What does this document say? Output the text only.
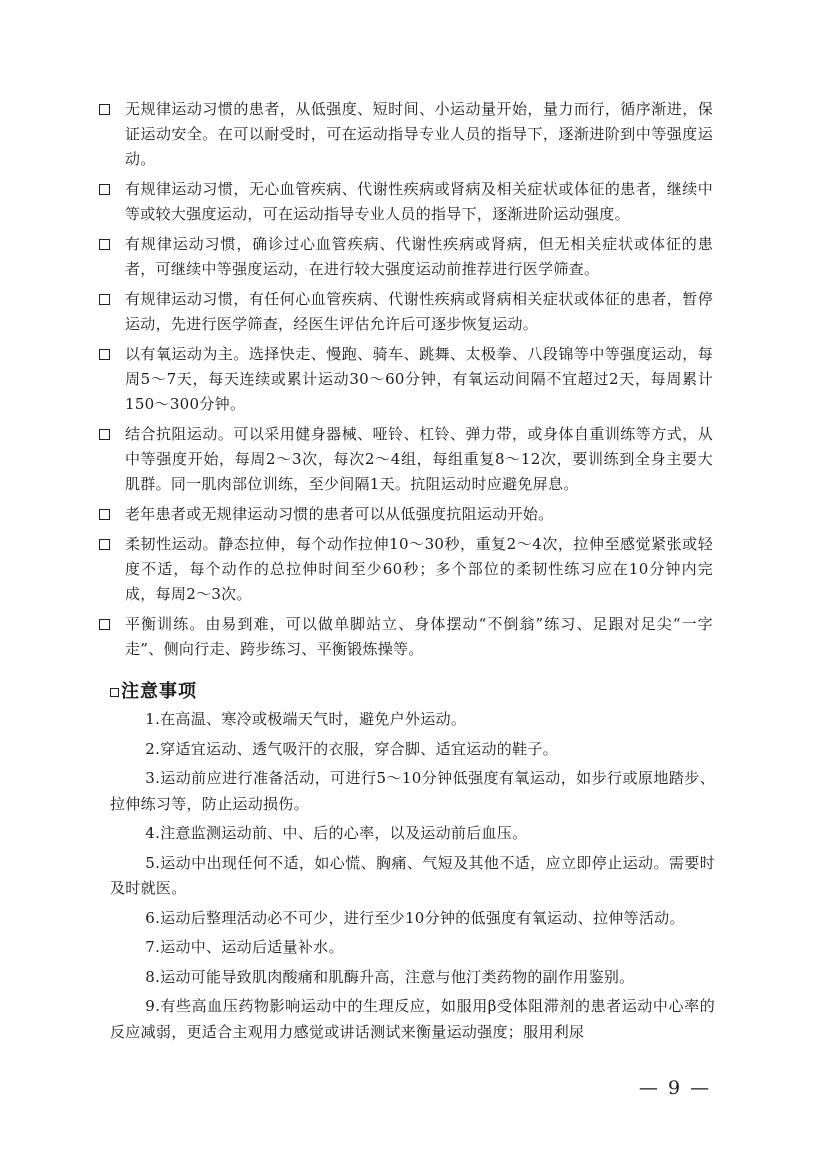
无规律运动习惯的患者，从低强度、短时间、小运动量开始，量力而行，循序渐进，保证运动安全。在可以耐受时，可在运动指导专业人员的指导下，逐渐进阶到中等强度运动。
有规律运动习惯，无心血管疾病、代谢性疾病或肾病及相关症状或体征的患者，继续中等或较大强度运动，可在运动指导专业人员的指导下，逐渐进阶运动强度。
有规律运动习惯，确诊过心血管疾病、代谢性疾病或肾病，但无相关症状或体征的患者，可继续中等强度运动，在进行较大强度运动前推荐进行医学筛查。
有规律运动习惯，有任何心血管疾病、代谢性疾病或肾病相关症状或体征的患者，暂停运动，先进行医学筛查，经医生评估允许后可逐步恢复运动。
以有氧运动为主。选择快走、慢跑、骑车、跳舞、太极拳、八段锦等中等强度运动，每周5～7天，每天连续或累计运动30～60分钟，有氧运动间隔不宜超过2天，每周累计150～300分钟。
结合抗阻运动。可以采用健身器械、哑铃、杠铃、弹力带，或身体自重训练等方式，从中等强度开始，每周2～3次，每次2～4组，每组重复8～12次，要训练到全身主要大肌群。同一肌肉部位训练，至少间隔1天。抗阻运动时应避免屏息。
老年患者或无规律运动习惯的患者可以从低强度抗阻运动开始。
柔韧性运动。静态拉伸，每个动作拉伸10～30秒，重复2～4次，拉伸至感觉紧张或轻度不适，每个动作的总拉伸时间至少60秒；多个部位的柔韧性练习应在10分钟内完成，每周2～3次。
平衡训练。由易到难，可以做单脚站立、身体摆动“不倒翁”练习、足跟对足尖“一字走”、侧向行走、跨步练习、平衡锻炼操等。
注意事项

1.在高温、寒冷或极端天气时，避免户外运动。

2.穿适宜运动、透气吸汗的衣服，穿合脚、适宜运动的鞋子。

3.运动前应进行准备活动，可进行5～10分钟低强度有氧运动，如步行或原地踏步、拉伸练习等，防止运动损伤。

4.注意监测运动前、中、后的心率，以及运动前后血压。

5.运动中出现任何不适，如心慌、胸痛、气短及其他不适，应立即停止运动。需要时及时就医。

6.运动后整理活动必不可少，进行至少10分钟的低强度有氧运动、拉伸等活动。

7.运动中、运动后适量补水。

8.运动可能导致肌肉酸痛和肌酶升高，注意与他汀类药物的副作用鉴别。

9.有些高血压药物影响运动中的生理反应，如服用β受体阻滞剂的患者运动中心率的反应减弱，更适合主观用力感觉或讲话测试来衡量运动强度；服用利尿

— 9 —
